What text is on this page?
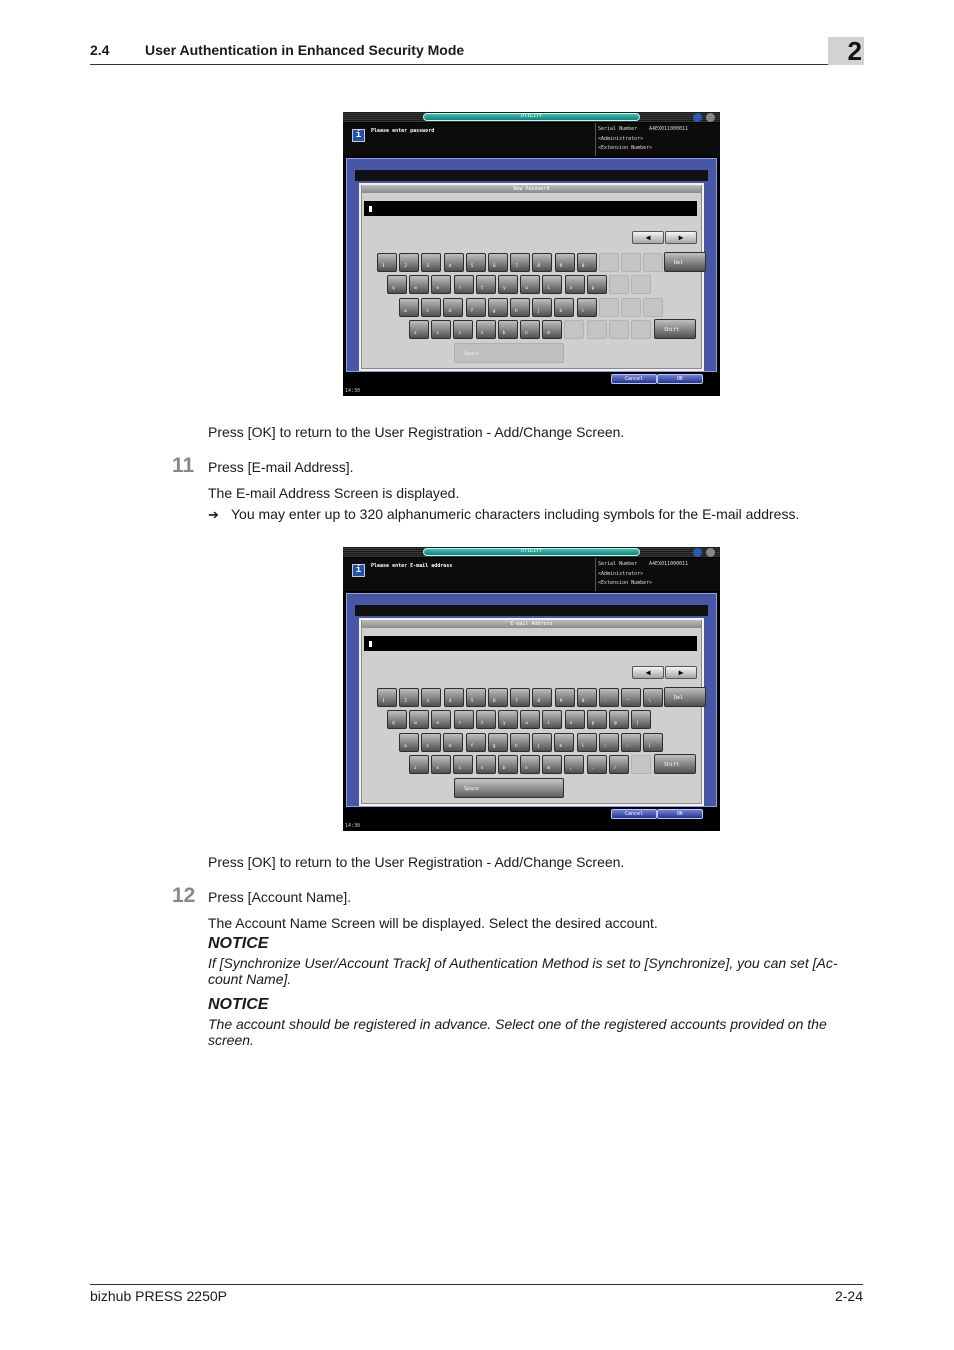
2.4	User Authentication in Enhanced Security Mode	2
UTILITY
i	Please enter password	Serial Number A4EX011000011
<Administrator>
<Extension Number>
New Password
◀	▶
1	2	3	4	5	6	7	8	9	0
q	w	e	r	t	y	u	i	o	p
a	s	d	f	g	h	j	k	l
z	x	c	v	b	n	m
Del
Shift
Space
Cancel	OK
14:30
Press [OK] to return to the User Registration - Add/Change Screen.
11 Press [E-mail Address].
The E-mail Address Screen is displayed.
➔ You may enter up to 320 alphanumeric characters including symbols for the E-mail address.
UTILITY
i	Please enter E-mail address	Serial Number A4EX011000011
<Administrator>
<Extension Number>
E-mail Address
◀	▶
1	2	3	4	5	6	7	8	9	0	-	^	\
q	w	e	r	t	y	u	i	o	p	@	[
a	s	d	f	g	h	j	k	l	;	:	]
z	x	c	v	b	n	m	,	.	/
Del
Shift
Space
Cancel	OK
14:30
Press [OK] to return to the User Registration - Add/Change Screen.
12 Press [Account Name].
The Account Name Screen will be displayed. Select the desired account.
NOTICE
If [Synchronize User/Account Track] of Authentication Method is set to [Synchronize], you can set [Ac-count Name].
NOTICE
The account should be registered in advance. Select one of the registered accounts provided on the screen.
bizhub PRESS 2250P	2-24
